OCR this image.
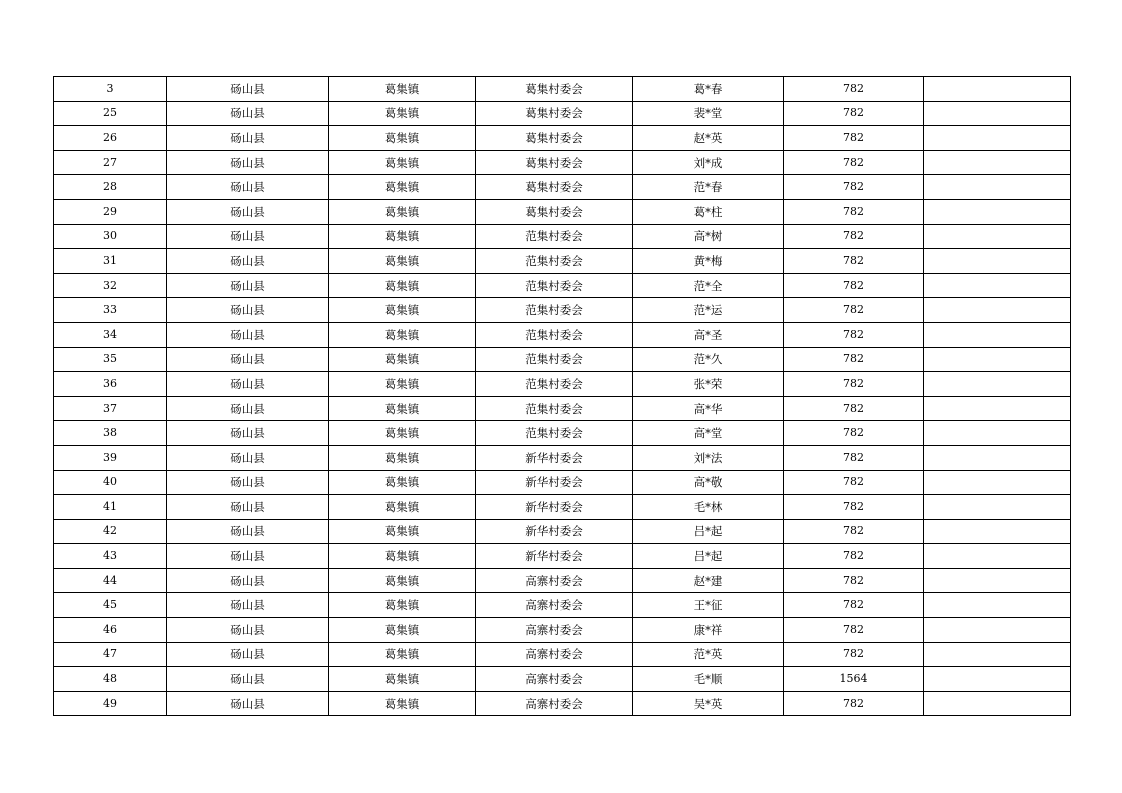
3	砀山县	葛集镇	葛集村委会	葛*春	782	
25	砀山县	葛集镇	葛集村委会	裴*堂	782	
26	砀山县	葛集镇	葛集村委会	赵*英	782	
27	砀山县	葛集镇	葛集村委会	刘*成	782	
28	砀山县	葛集镇	葛集村委会	范*春	782	
29	砀山县	葛集镇	葛集村委会	葛*柱	782	
30	砀山县	葛集镇	范集村委会	高*树	782	
31	砀山县	葛集镇	范集村委会	黄*梅	782	
32	砀山县	葛集镇	范集村委会	范*全	782	
33	砀山县	葛集镇	范集村委会	范*运	782	
34	砀山县	葛集镇	范集村委会	高*圣	782	
35	砀山县	葛集镇	范集村委会	范*久	782	
36	砀山县	葛集镇	范集村委会	张*荣	782	
37	砀山县	葛集镇	范集村委会	高*华	782	
38	砀山县	葛集镇	范集村委会	高*堂	782	
39	砀山县	葛集镇	新华村委会	刘*法	782	
40	砀山县	葛集镇	新华村委会	高*敬	782	
41	砀山县	葛集镇	新华村委会	毛*林	782	
42	砀山县	葛集镇	新华村委会	吕*起	782	
43	砀山县	葛集镇	新华村委会	吕*起	782	
44	砀山县	葛集镇	高寨村委会	赵*建	782	
45	砀山县	葛集镇	高寨村委会	王*征	782	
46	砀山县	葛集镇	高寨村委会	康*祥	782	
47	砀山县	葛集镇	高寨村委会	范*英	782	
48	砀山县	葛集镇	高寨村委会	毛*顺	1564	
49	砀山县	葛集镇	高寨村委会	吴*英	782	
